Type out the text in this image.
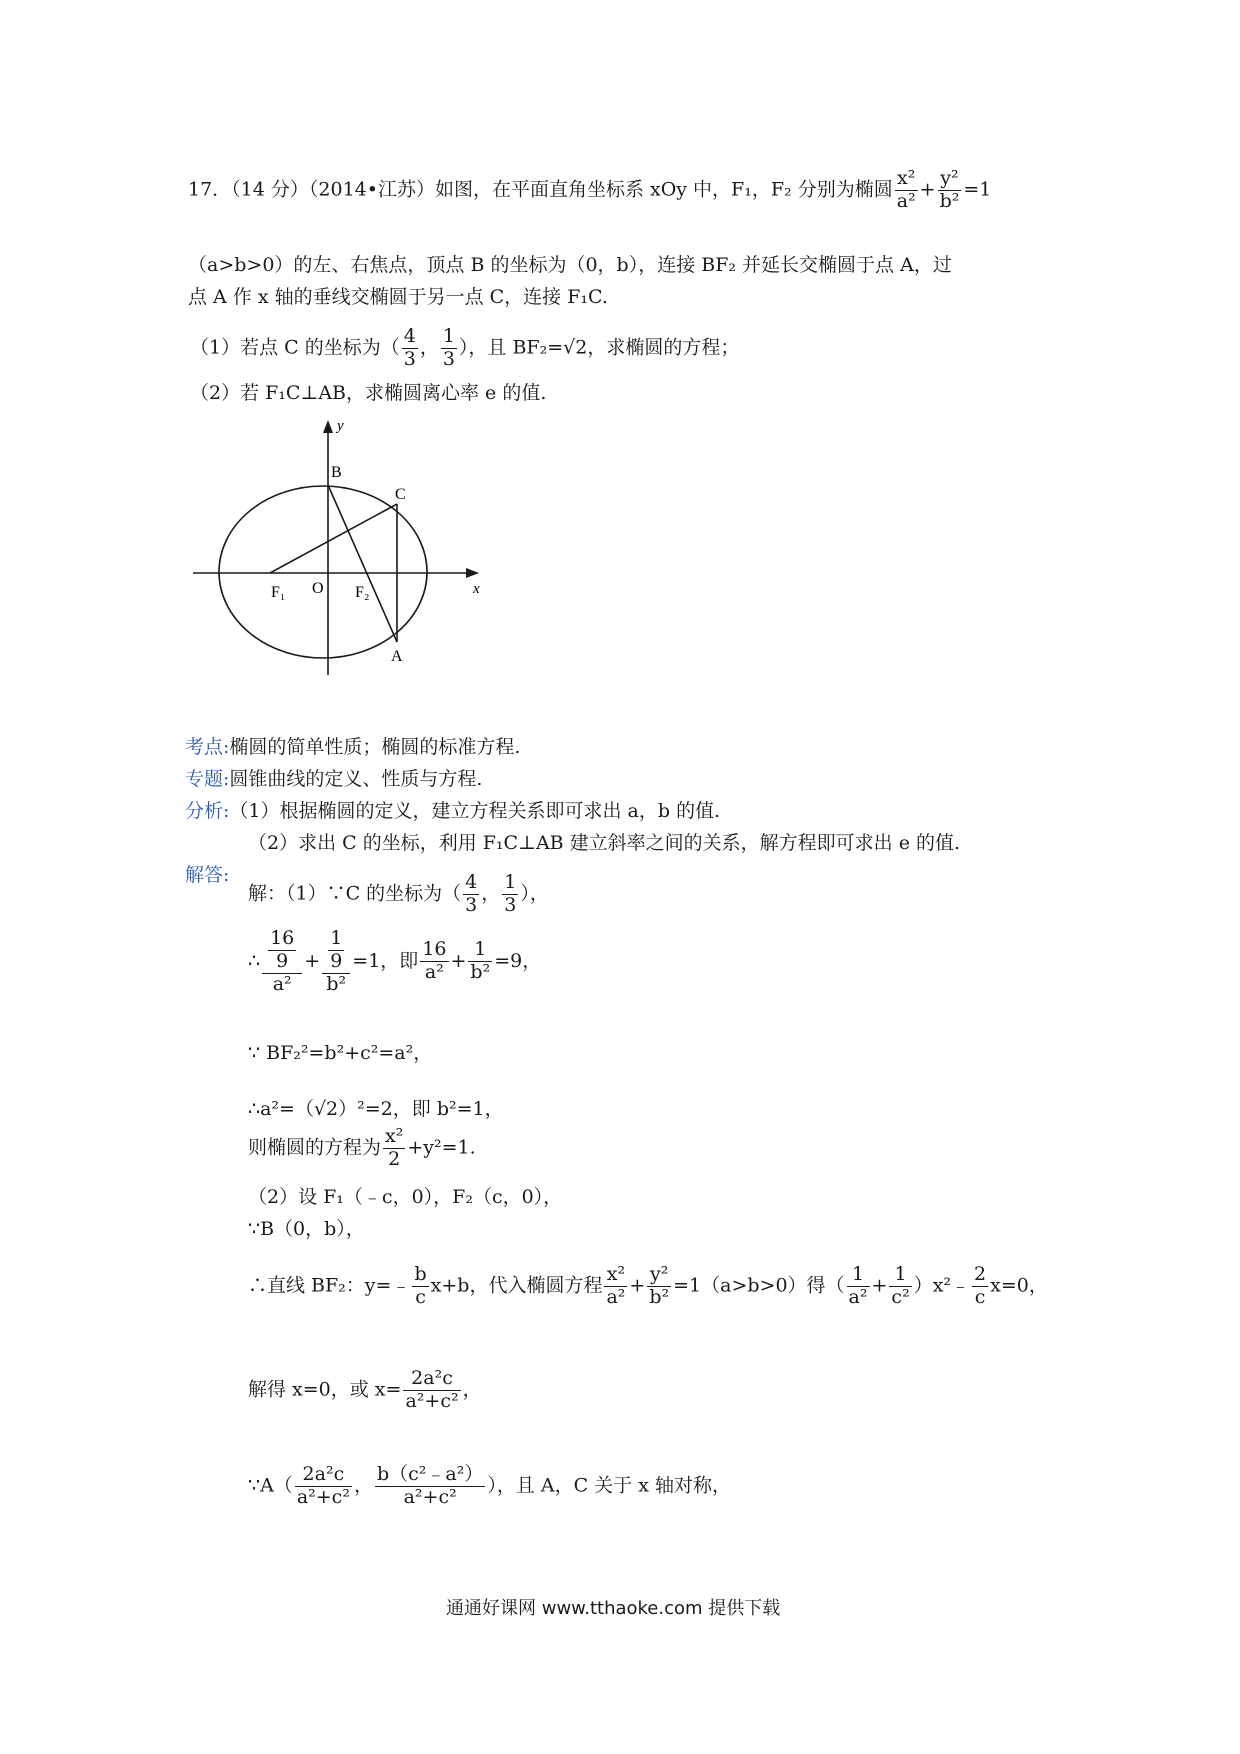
17．（14 分）（2014•江苏）如图，在平面直角坐标系 xOy 中，F₁，F₂ 分别为椭圆 $\frac{\text{x²}}{\text{a²}} + \frac{\text{y²}}{\text{b²}} =1$
（a>b>0）的左、右焦点，顶点 B 的坐标为（0，b），连接 BF₂ 并延长交椭圆于点 A，过
点 A 作 x 轴的垂线交椭圆于另一点 C，连接 F₁C.
（1）若点 C 的坐标为（ $\frac{4}{3}$ ， $\frac{1}{3}$ ），且 BF₂=√2，求椭圆的方程；
（2）若 F₁C⊥AB，求椭圆离心率 e 的值.
y
x
B
C
F₁ O F₂
A
考点:椭圆的简单性质；椭圆的标准方程.
专题:圆锥曲线的定义、性质与方程.
分析:（1）根据椭圆的定义，建立方程关系即可求出 a，b 的值.
（2）求出 C 的坐标，利用 F₁C⊥AB 建立斜率之间的关系，解方程即可求出 e 的值.
解答:
解：（1）∵C 的坐标为（ $\frac{4}{3}$ ， $\frac{1}{3}$ ），
∴ 16
9
a² + 1
9
b² =1，即 $\frac{16}{\text{a²}} + \frac{1}{\text{b²}} =9$，
∵ BF₂²=b²+c²=a²，
∴a²=（√2）²=2，即 b²=1，
则椭圆的方程为 $\frac{\text{x²}}{2} +y^2=1$.
（2）设 F₁（﹣c，0），F₂（c，0），
∵B（0，b），
∴直线 BF₂：y=﹣ $\frac{b}{c} x+b$，代入椭圆方程 $\frac{\text{x²}}{\text{a²}} + \frac{\text{y²}}{\text{b²}} =1(a>b>0)$得（ $\frac{1}{\text{a²}} + \frac{1}{\text{c²}}$ ）x²﹣ $\frac{2}{c} x=0$，
解得 x=0，或 $x= \frac{\text{2a²c}}{\text{a²+c²}}$ ，
∵A（ $\frac{\text{2a²c}}{\text{a²+c²}}$ ， $\frac{\text{b（c²﹣a²）}}{\text{a²+c²}}$ ），且 A，C 关于 x 轴对称，
通通好课网 www.tthaoke.com 提供下载
